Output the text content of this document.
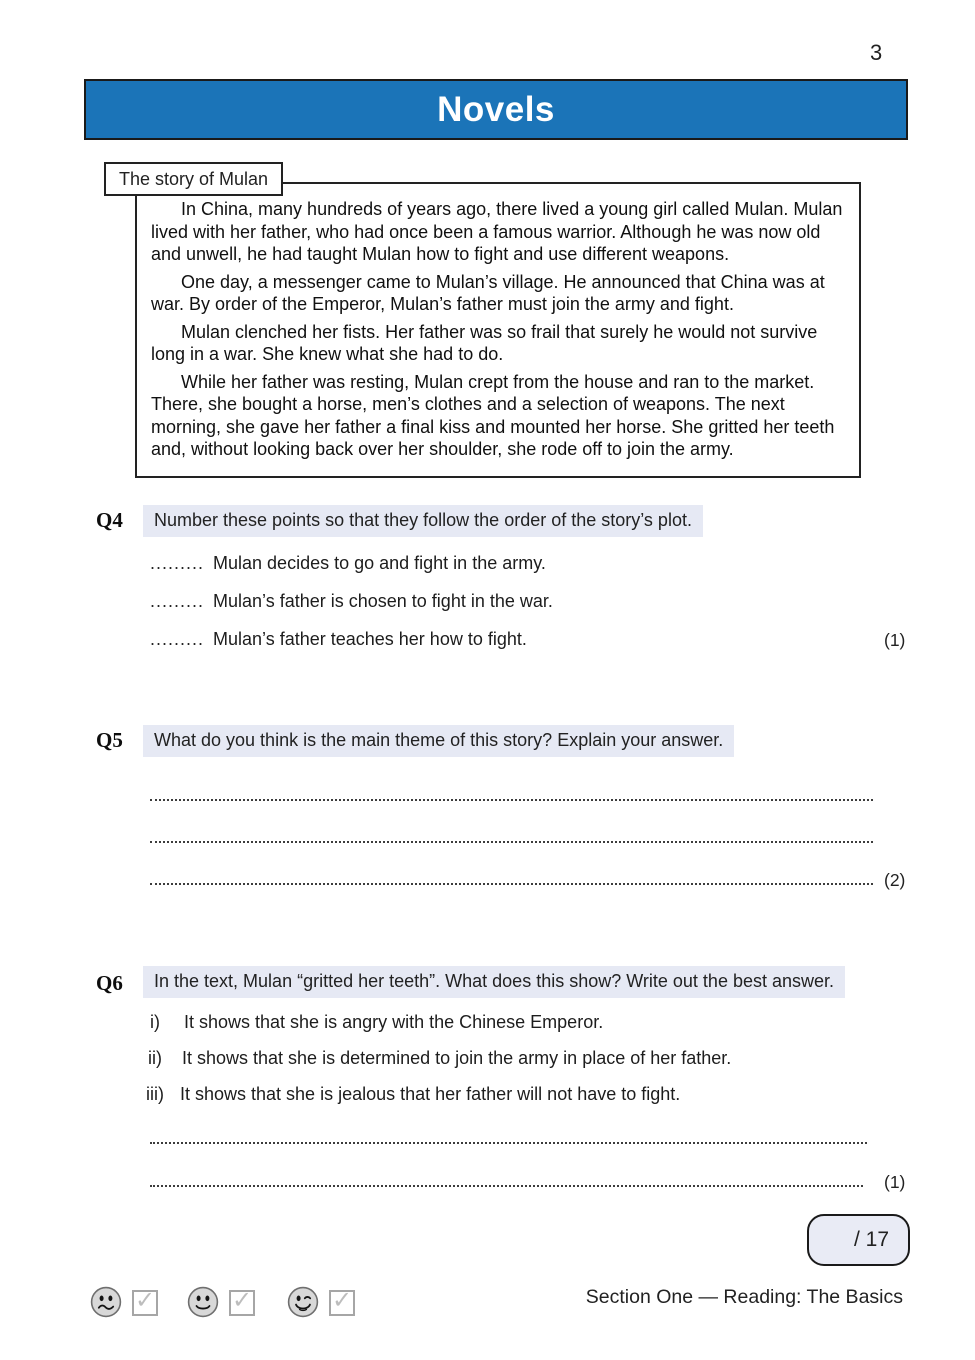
3
Novels
The story of Mulan

In China, many hundreds of years ago, there lived a young girl called Mulan. Mulan lived with her father, who had once been a famous warrior. Although he was now old and unwell, he had taught Mulan how to fight and use different weapons.

One day, a messenger came to Mulan’s village. He announced that China was at war. By order of the Emperor, Mulan’s father must join the army and fight.

Mulan clenched her fists. Her father was so frail that surely he would not survive long in a war. She knew what she had to do.

While her father was resting, Mulan crept from the house and ran to the market. There, she bought a horse, men’s clothes and a selection of weapons. The next morning, she gave her father a final kiss and mounted her horse. She gritted her teeth and, without looking back over her shoulder, she rode off to join the army.

Q4	Number these points so that they follow the order of the story’s plot.
......... Mulan decides to go and fight in the army.
......... Mulan’s father is chosen to fight in the war.
......... Mulan’s father teaches her how to fight.	(1)
Q5	What do you think is the main theme of this story? Explain your answer.
(2)
Q6	In the text, Mulan “gritted her teeth”. What does this show? Write out the best answer.
i)	It shows that she is angry with the Chinese Emperor.
ii)	It shows that she is determined to join the army in place of her father.
iii) It shows that she is jealous that her father will not have to fight.
(1)
/ 17
✓	✓	✓	Section One — Reading: The Basics
